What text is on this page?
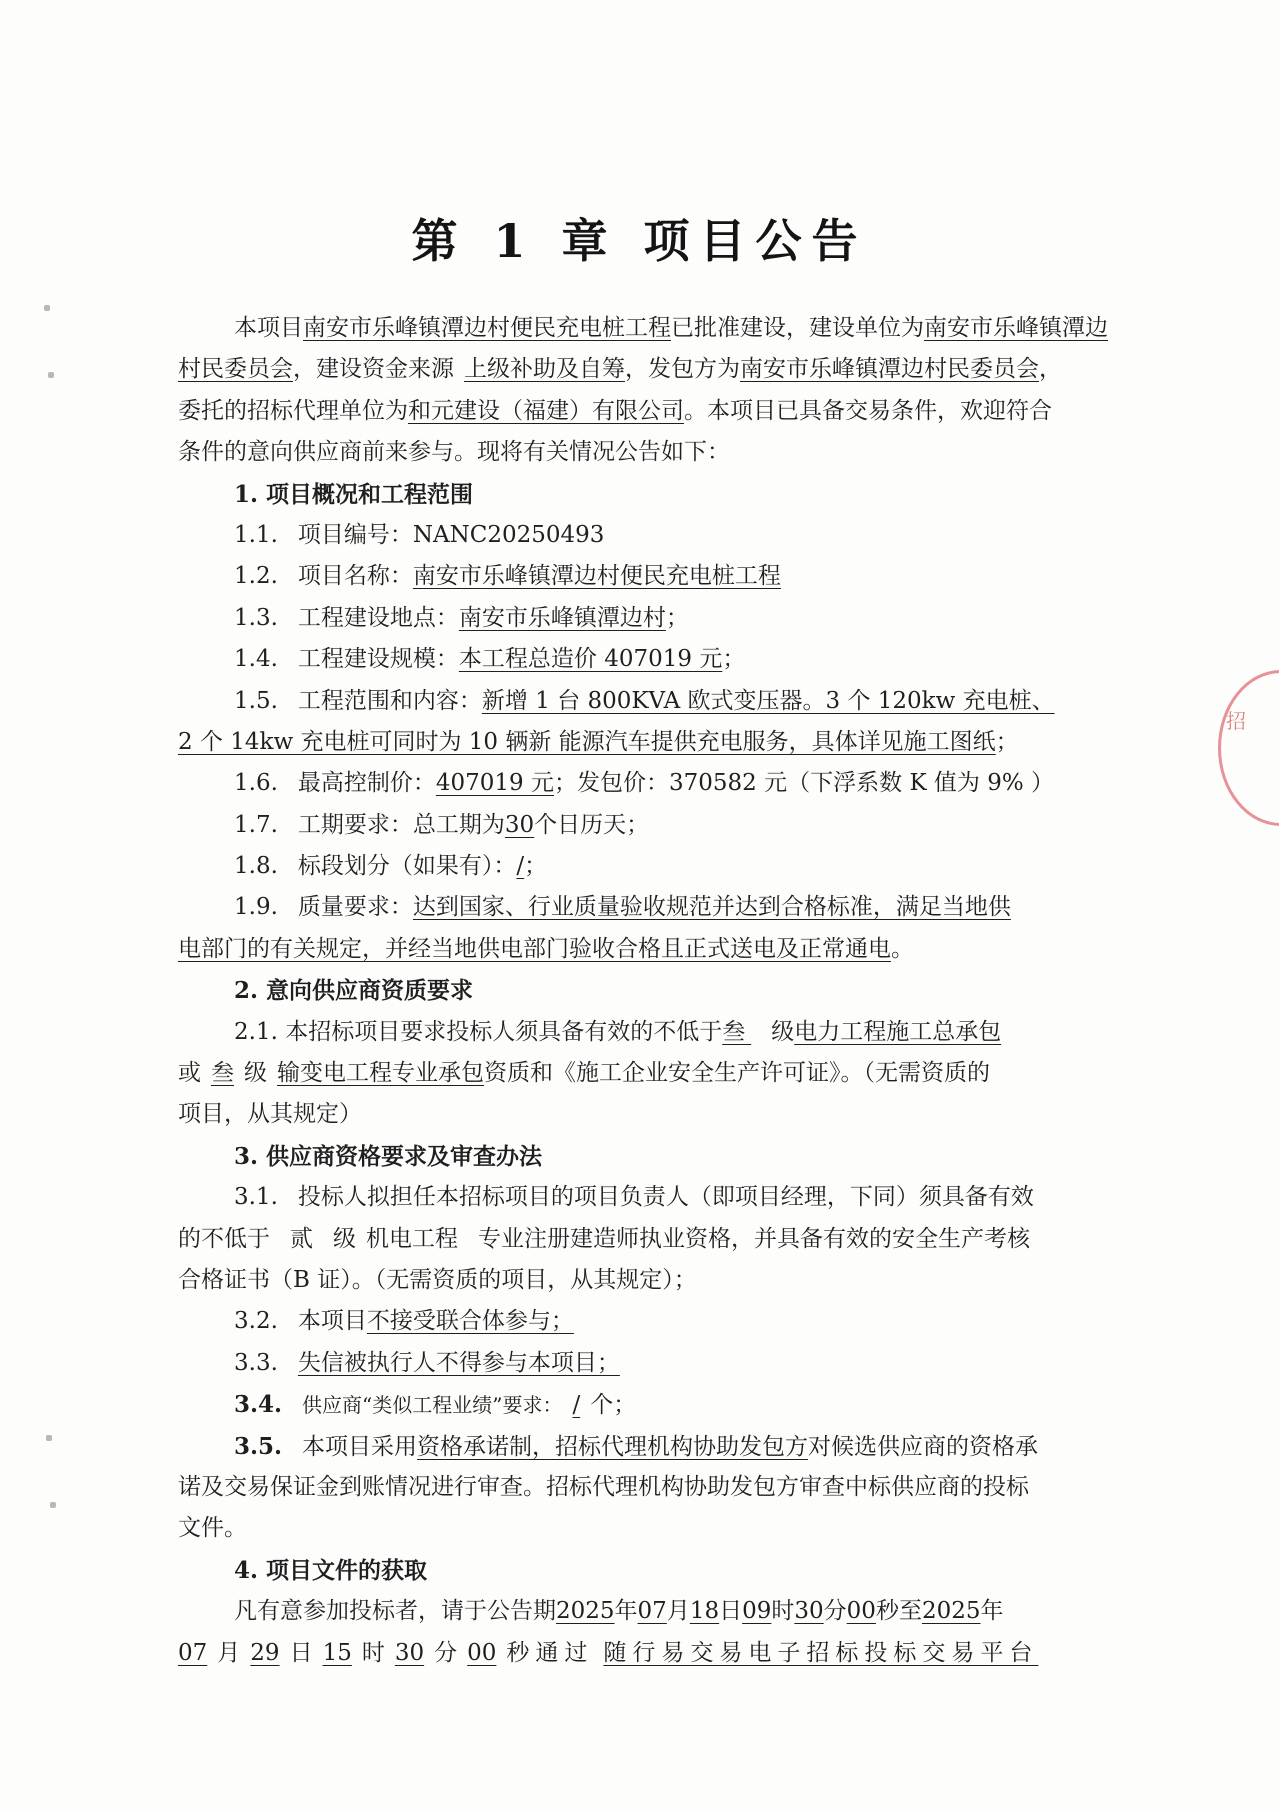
第 1 章 项目公告
本项目南安市乐峰镇潭边村便民充电桩工程已批准建设，建设单位为南安市乐峰镇潭边
村民委员会，建设资金来源 上级补助及自筹，发包方为南安市乐峰镇潭边村民委员会，
委托的招标代理单位为和元建设（福建）有限公司。本项目已具备交易条件，欢迎符合
条件的意向供应商前来参与。现将有关情况公告如下：
1. 项目概况和工程范围
1.1. 项目编号：NANC20250493
1.2. 项目名称：南安市乐峰镇潭边村便民充电桩工程
1.3. 工程建设地点：南安市乐峰镇潭边村；
1.4. 工程建设规模：本工程总造价 407019 元；
1.5. 工程范围和内容：新增 1 台 800KVA 欧式变压器。3 个 120kw 充电桩、
2 个 14kw 充电桩可同时为 10 辆新 能源汽车提供充电服务，具体详见施工图纸；
1.6. 最高控制价：407019 元；发包价：370582 元（下浮系数 K 值为 9% ）
1.7. 工期要求：总工期为30个日历天；
1.8. 标段划分（如果有）：/；
1.9. 质量要求：达到国家、行业质量验收规范并达到合格标准，满足当地供
电部门的有关规定，并经当地供电部门验收合格且正式送电及正常通电。
2. 意向供应商资质要求
2.1. 本招标项目要求投标人须具备有效的不低于叁 级电力工程施工总承包
或 叁 级 输变电工程专业承包资质和《施工企业安全生产许可证》。（无需资质的
项目，从其规定）
3. 供应商资格要求及审查办法
3.1. 投标人拟担任本招标项目的项目负责人（即项目经理，下同）须具备有效
的不低于 贰 级 机电工程 专业注册建造师执业资格，并具备有效的安全生产考核
合格证书（B 证）。（无需资质的项目，从其规定）；
3.2. 本项目不接受联合体参与；
3.3. 失信被执行人不得参与本项目；
3.4. 供应商“类似工程业绩”要求： / 个；
3.5. 本项目采用资格承诺制，招标代理机构协助发包方对候选供应商的资格承
诺及交易保证金到账情况进行审查。招标代理机构协助发包方审查中标供应商的投标
文件。
4. 项目文件的获取
凡有意参加投标者，请于公告期2025年07月18日09时30分00秒至2025年
07 月 29 日 15 时 30 分 00 秒通过 随行易交易电子招标投标交易平台
招
